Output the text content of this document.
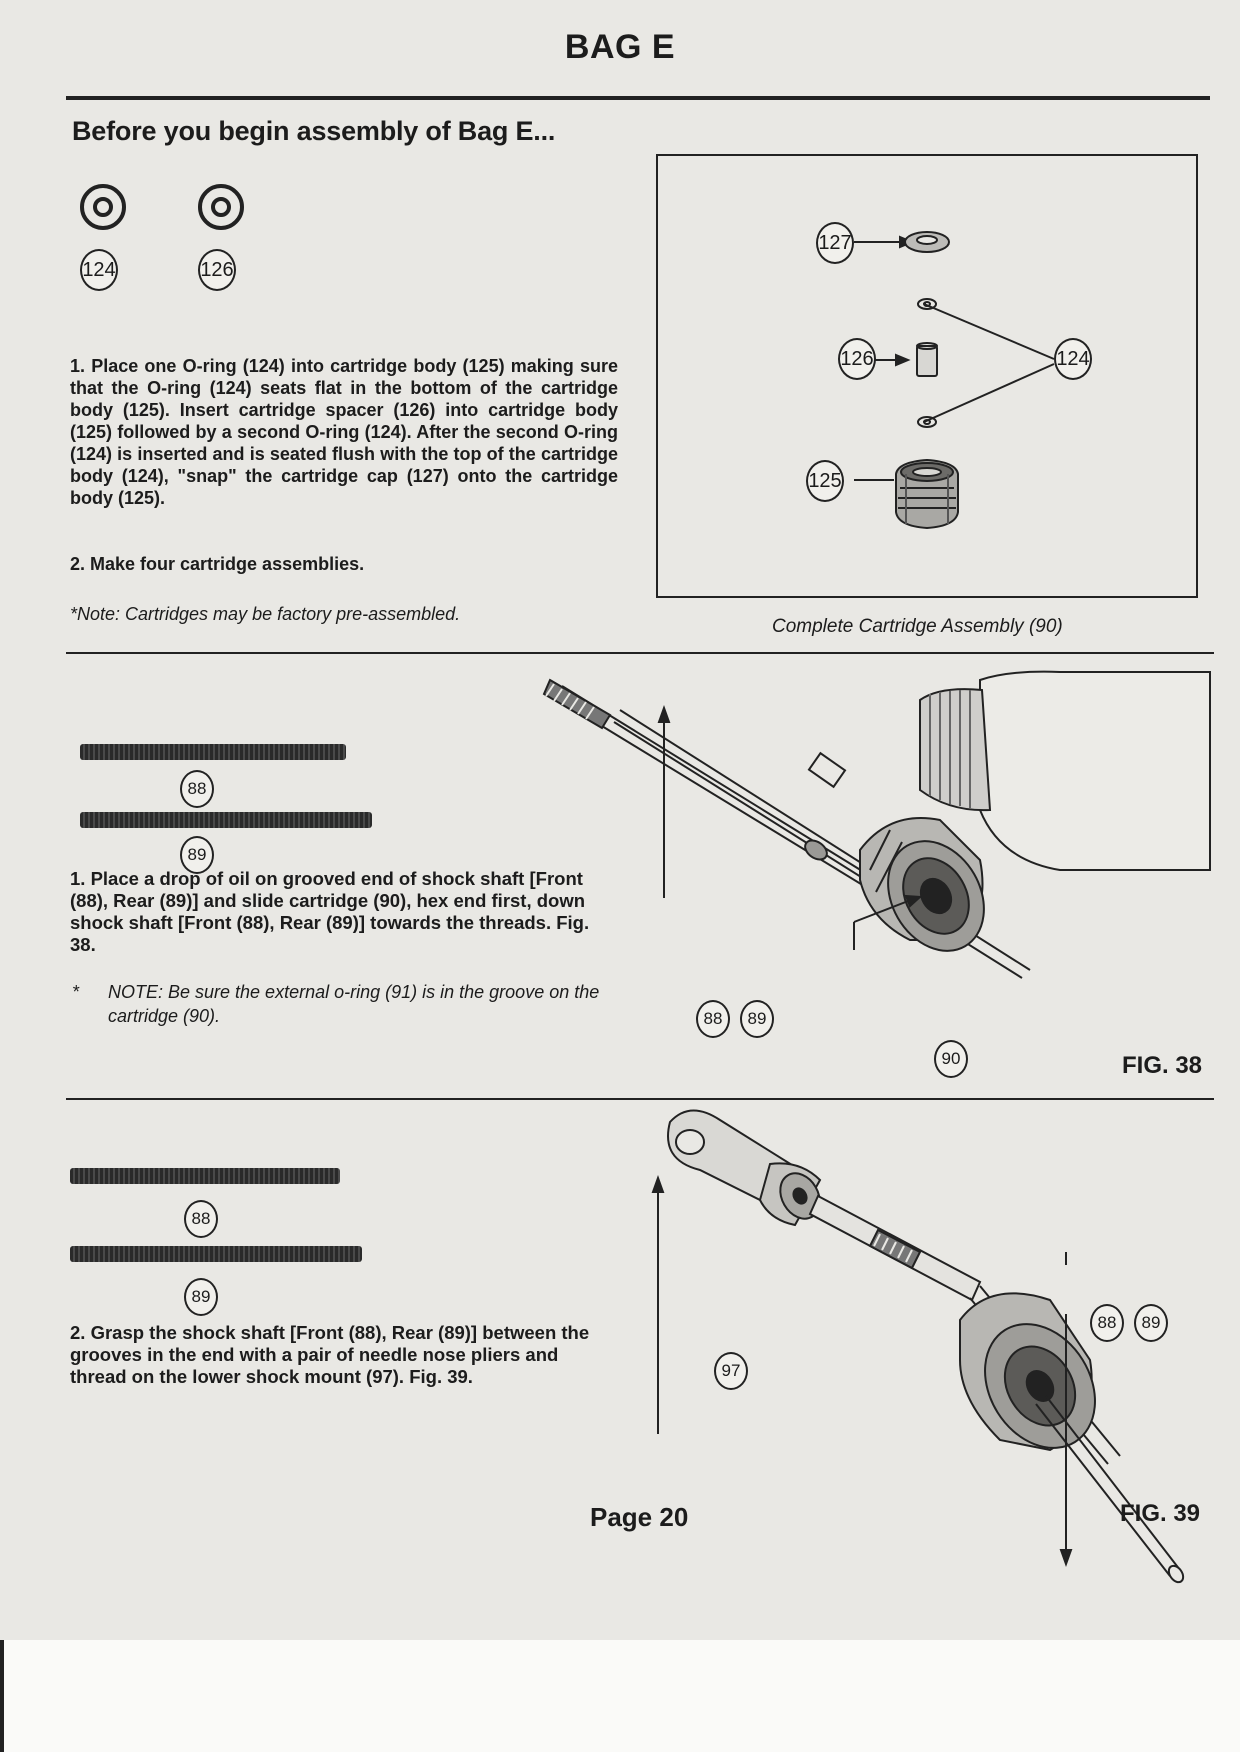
BAG E
Before you begin assembly of Bag E...
124	126
1. Place one O-ring (124) into cartridge body (125) making sure that the O-ring (124) seats flat in the bottom of the cartridge body (125). Insert cartridge spacer (126) into cartridge body (125) followed by a second O-ring (124). After the second O-ring (124) is inserted and is seated flush with the top of the cartridge body (124), "snap" the cartridge cap (127) onto the cartridge body (125).
2. Make four cartridge assemblies.
*Note: Cartridges may be factory pre-assembled.
127
126	124
125
Complete Cartridge Assembly (90)
88
89
1. Place a drop of oil on grooved end of shock shaft [Front (88), Rear (89)] and slide cartridge (90), hex end first, down shock shaft [Front (88), Rear (89)] towards the threads. Fig. 38.
* NOTE: Be sure the external o-ring (91) is in the groove on the cartridge (90).	88	89
90	FIG. 38
88
89
2. Grasp the shock shaft [Front (88), Rear (89)] between the grooves in the end with a pair of needle nose pliers and thread on the lower shock mount (97). Fig. 39.	97
88	89
FIG. 39
Page 20
